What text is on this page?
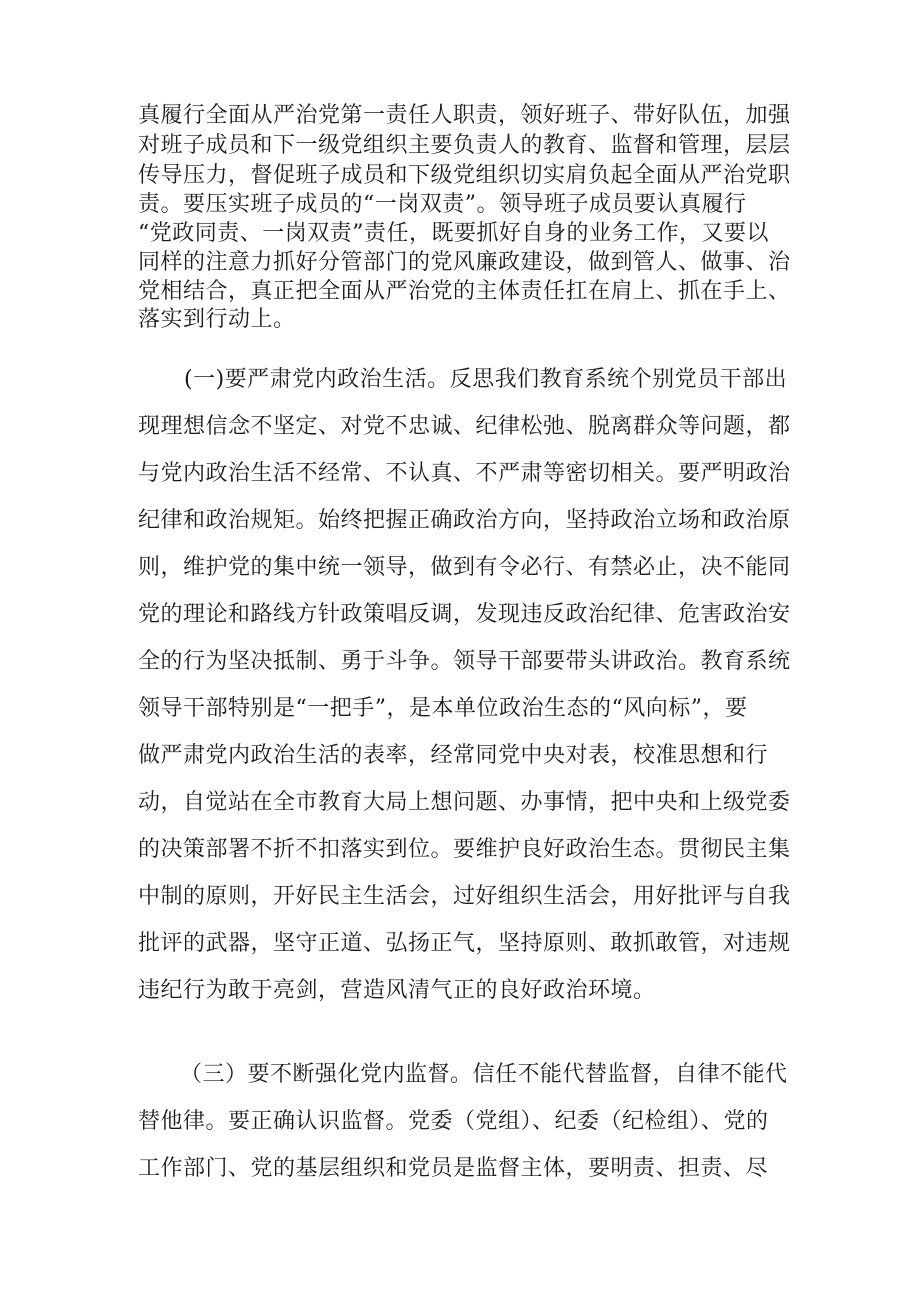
真履行全面从严治党第一责任人职责，领好班子、带好队伍，加强
对班子成员和下一级党组织主要负责人的教育、监督和管理，层层
传导压力，督促班子成员和下级党组织切实肩负起全面从严治党职
责。要压实班子成员的“一岗双责”。领导班子成员要认真履行
“党政同责、一岗双责”责任，既要抓好自身的业务工作，又要以
同样的注意力抓好分管部门的党风廉政建设，做到管人、做事、治
党相结合，真正把全面从严治党的主体责任扛在肩上、抓在手上、
落实到行动上。
(一)要严肃党内政治生活。反思我们教育系统个别党员干部出
现理想信念不坚定、对党不忠诚、纪律松弛、脱离群众等问题，都
与党内政治生活不经常、不认真、不严肃等密切相关。要严明政治
纪律和政治规矩。始终把握正确政治方向，坚持政治立场和政治原
则，维护党的集中统一领导，做到有令必行、有禁必止，决不能同
党的理论和路线方针政策唱反调，发现违反政治纪律、危害政治安
全的行为坚决抵制、勇于斗争。领导干部要带头讲政治。教育系统
领导干部特别是“一把手”，是本单位政治生态的“风向标”，要
做严肃党内政治生活的表率，经常同党中央对表，校准思想和行
动，自觉站在全市教育大局上想问题、办事情，把中央和上级党委
的决策部署不折不扣落实到位。要维护良好政治生态。贯彻民主集
中制的原则，开好民主生活会，过好组织生活会，用好批评与自我
批评的武器，坚守正道、弘扬正气，坚持原则、敢抓敢管，对违规
违纪行为敢于亮剑，营造风清气正的良好政治环境。
（三）要不断强化党内监督。信任不能代替监督，自律不能代
替他律。要正确认识监督。党委（党组）、纪委（纪检组）、党的
工作部门、党的基层组织和党员是监督主体，要明责、担责、尽
